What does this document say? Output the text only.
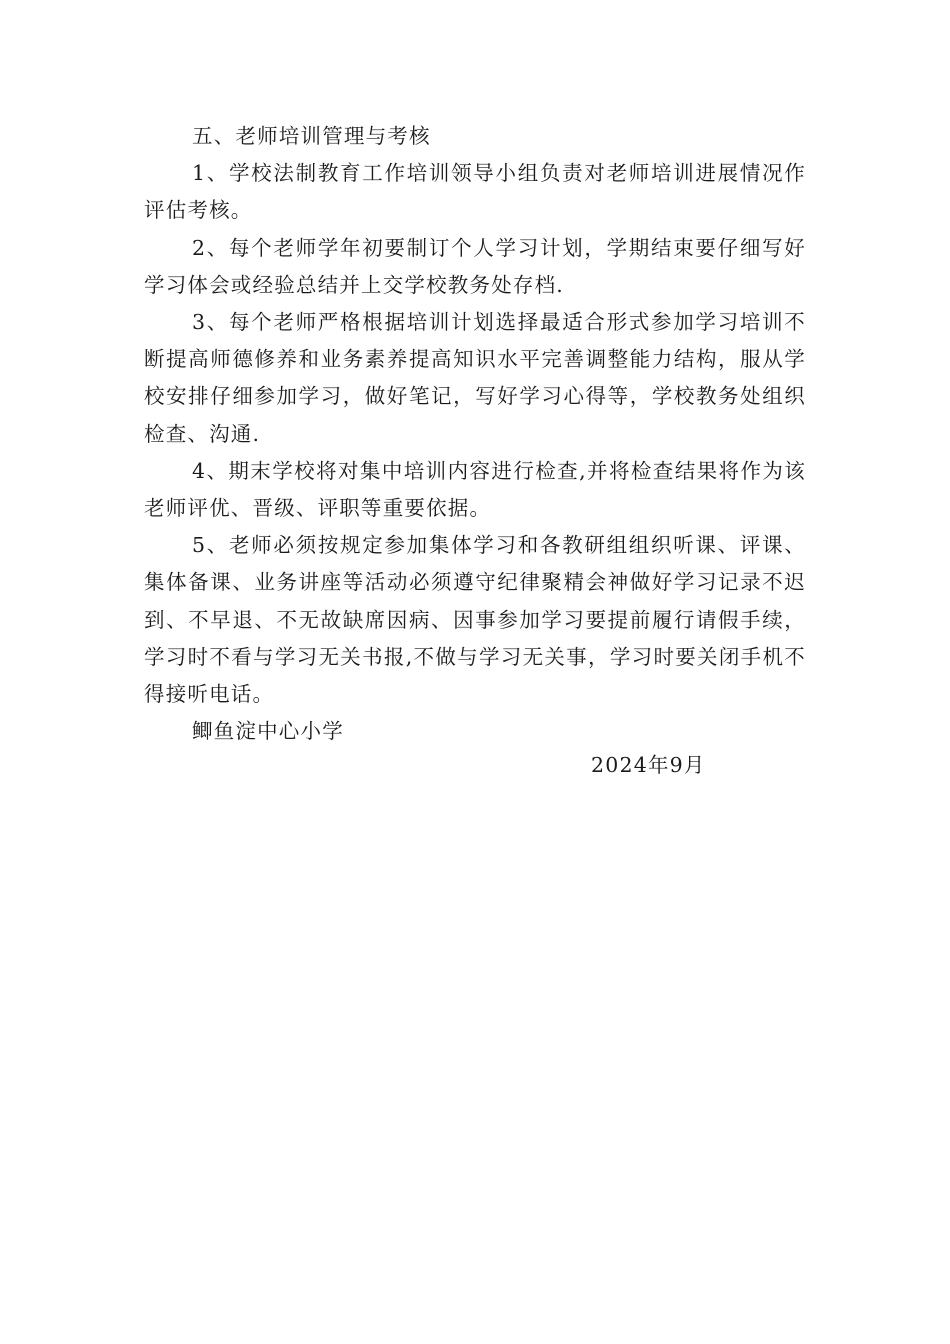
五、老师培训管理与考核

1、学校法制教育工作培训领导小组负责对老师培训进展情况作评估考核。

2、每个老师学年初要制订个人学习计划，学期结束要仔细写好学习体会或经验总结并上交学校教务处存档.

3、每个老师严格根据培训计划选择最适合形式参加学习培训不断提高师德修养和业务素养提高知识水平完善调整能力结构，服从学校安排仔细参加学习，做好笔记，写好学习心得等，学校教务处组织检查、沟通.

4、期末学校将对集中培训内容进行检查,并将检查结果将作为该老师评优、晋级、评职等重要依据。

5、老师必须按规定参加集体学习和各教研组组织听课、评课、集体备课、业务讲座等活动必须遵守纪律聚精会神做好学习记录不迟到、不早退、不无故缺席因病、因事参加学习要提前履行请假手续，学习时不看与学习无关书报,不做与学习无关事，学习时要关闭手机不得接听电话。

鲫鱼淀中心小学

2024年9月
